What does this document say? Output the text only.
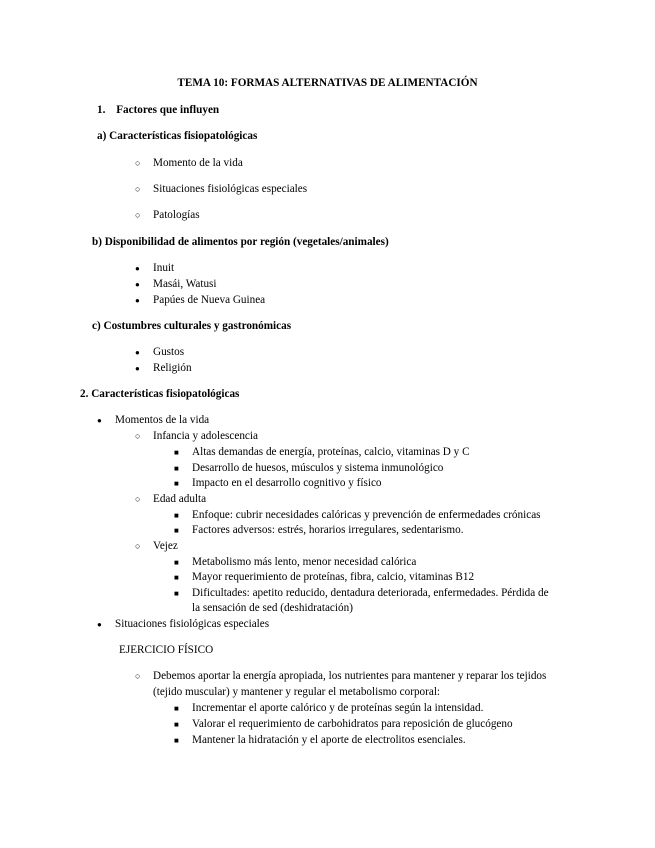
TEMA 10: FORMAS ALTERNATIVAS DE ALIMENTACIÓN
1. Factores que influyen
a) Características fisiopatológicas
○ Momento de la vida
○ Situaciones fisiológicas especiales
○ Patologías
b) Disponibilidad de alimentos por región (vegetales/animales)
● Inuit
● Masái, Watusi
● Papúes de Nueva Guinea
c) Costumbres culturales y gastronómicas
● Gustos
● Religión
2. Características fisiopatológicas
● Momentos de la vida
○ Infancia y adolescencia
■ Altas demandas de energía, proteínas, calcio, vitaminas D y C
■ Desarrollo de huesos, músculos y sistema inmunológico
■ Impacto en el desarrollo cognitivo y físico
○ Edad adulta
■ Enfoque: cubrir necesidades calóricas y prevención de enfermedades crónicas
■ Factores adversos: estrés, horarios irregulares, sedentarismo.
○ Vejez
■ Metabolismo más lento, menor necesidad calórica
■ Mayor requerimiento de proteínas, fibra, calcio, vitaminas B12
■ Dificultades: apetito reducido, dentadura deteriorada, enfermedades. Pérdida de
la sensación de sed (deshidratación)
● Situaciones fisiológicas especiales
EJERCICIO FÍSICO
○ Debemos aportar la energía apropiada, los nutrientes para mantener y reparar los tejidos
(tejido muscular) y mantener y regular el metabolismo corporal:
■ Incrementar el aporte calórico y de proteínas según la intensidad.
■ Valorar el requerimiento de carbohidratos para reposición de glucógeno
■ Mantener la hidratación y el aporte de electrolitos esenciales.
